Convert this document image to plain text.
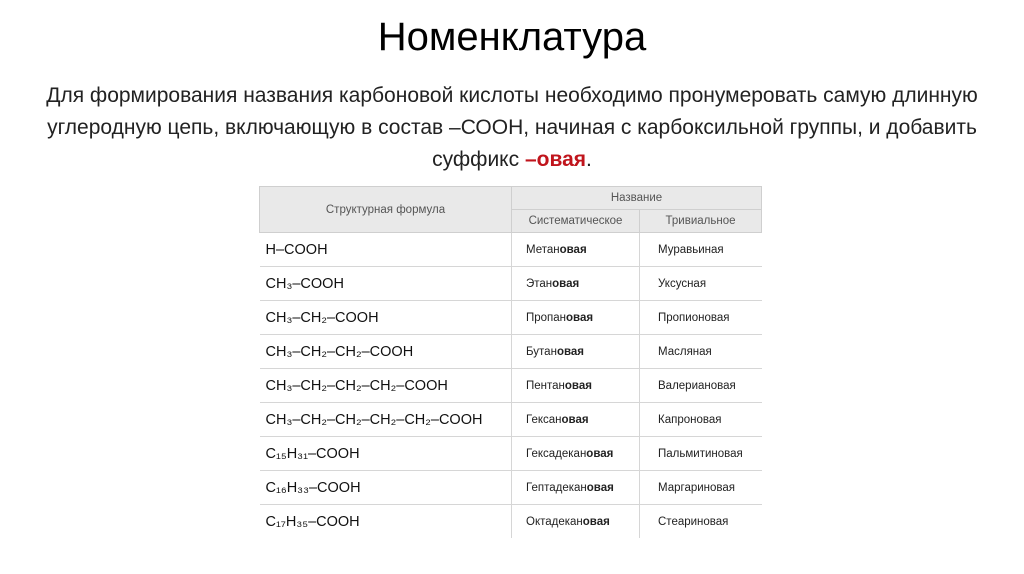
Номенклатура
Для формирования названия карбоновой кислоты необходимо пронумеровать самую длинную углеродную цепь, включающую в состав –СООН, начиная с карбоксильной группы, и добавить суффикс –овая.
Структурная формула	Название	
	Систематическое	Тривиальное
H–COOH	Метановая	Муравьиная
CH₃–COOH	Этановая	Уксусная
CH₃–CH₂–COOH	Пропановая	Пропионовая
CH₃–CH₂–CH₂–COOH	Бутановая	Масляная
CH₃–CH₂–CH₂–CH₂–COOH	Пентановая	Валериановая
CH₃–CH₂–CH₂–CH₂–CH₂–COOH	Гексановая	Капроновая
C₁₅H₃₁–COOH	Гексадекановая	Пальмитиновая
C₁₆H₃₃–COOH	Гептадекановая	Маргариновая
C₁₇H₃₅–COOH	Октадекановая	Стеариновая
